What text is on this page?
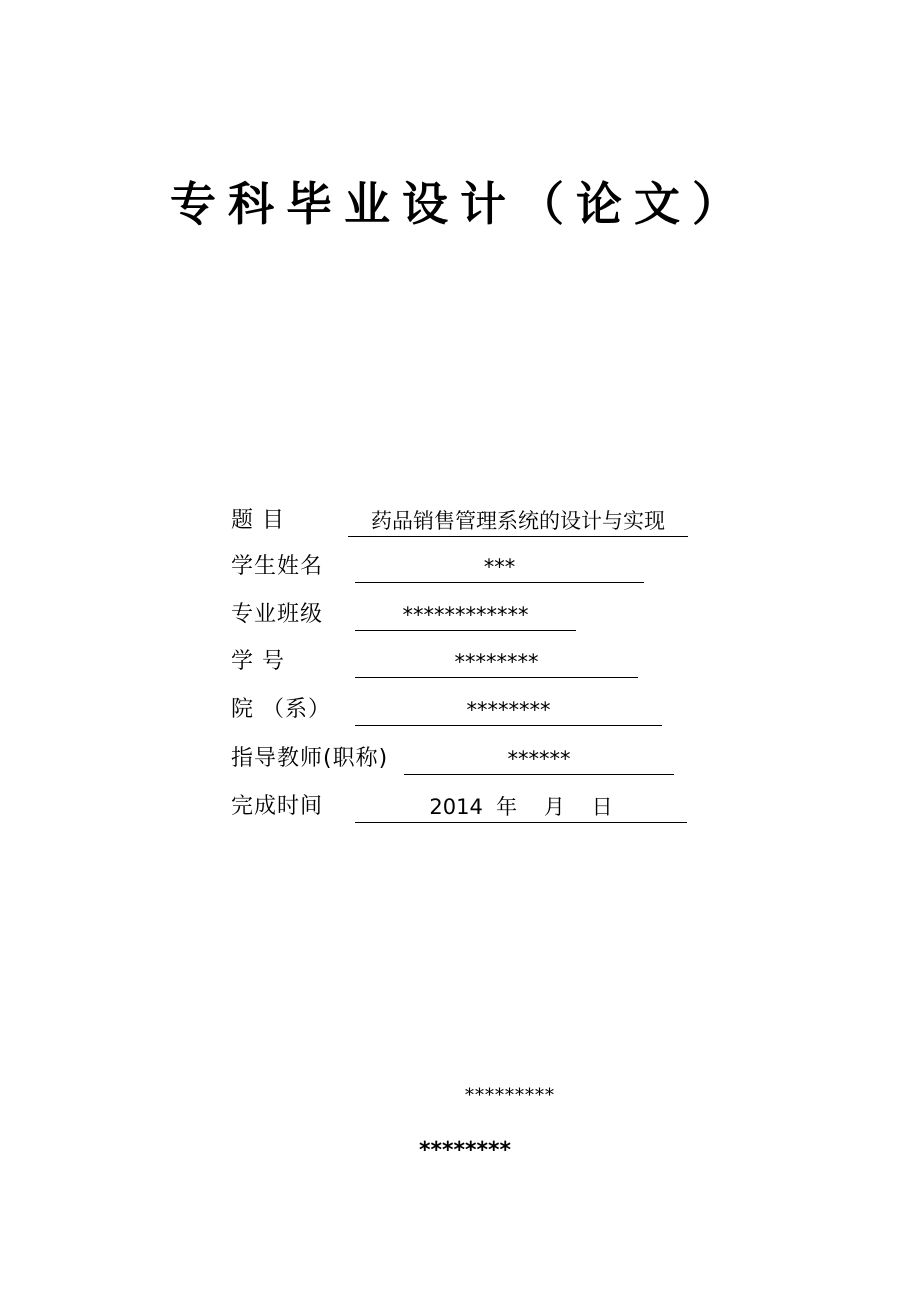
专科毕业设计（论文）
题 目	药品销售管理系统的设计与实现
学生姓名	***
专业班级	************
学 号	********
院 （系）	********
指导教师(职称)	******
完成时间	2014  年    月    日
*********
********
